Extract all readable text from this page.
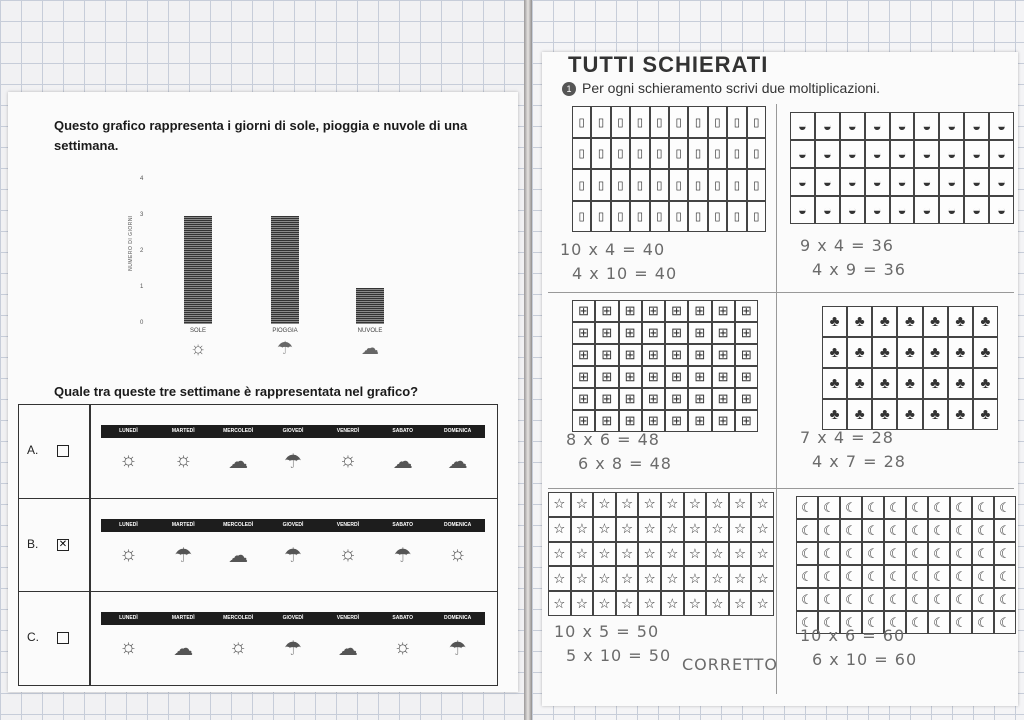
Questo grafico rappresenta i giorni di sole, pioggia e nuvole di una
settimana.
NUMERO DI GIORNI
0
1
2
3
4
SOLE
☼
PIOGGIA
☂
NUVOLE
☁
Quale tra queste tre settimane è rappresentata nel grafico?
A.
LUNEDÌ	MARTEDÌ	MERCOLEDÌ	GIOVEDÌ	VENERDÌ	SABATO	DOMENICA
☼	☼	☁	☂	☼	☁	☁
B. ✕
LUNEDÌ	MARTEDÌ	MERCOLEDÌ	GIOVEDÌ	VENERDÌ	SABATO	DOMENICA
☼	☂	☁	☂	☼	☂	☼
C.
LUNEDÌ	MARTEDÌ	MERCOLEDÌ	GIOVEDÌ	VENERDÌ	SABATO	DOMENICA
☼	☁	☼	☂	☁	☼	☂
TUTTI SCHIERATI
1 Per ogni schieramento scrivi due moltiplicazioni.
▯	▯	▯	▯	▯	▯	▯	▯	▯	▯
▯	▯	▯	▯	▯	▯	▯	▯	▯	▯
▯	▯	▯	▯	▯	▯	▯	▯	▯	▯
▯	▯	▯	▯	▯	▯	▯	▯	▯	▯
10 x 4 = 40
4 x 10 = 40
◒	◒	◒	◒	◒	◒	◒	◒	◒
◒	◒	◒	◒	◒	◒	◒	◒	◒
◒	◒	◒	◒	◒	◒	◒	◒	◒
◒	◒	◒	◒	◒	◒	◒	◒	◒
9 x 4 = 36
4 x 9 = 36
⊞ ⊞ ⊞ ⊞ ⊞ ⊞ ⊞ ⊞
⊞ ⊞ ⊞ ⊞ ⊞ ⊞ ⊞ ⊞
⊞ ⊞ ⊞ ⊞ ⊞ ⊞ ⊞ ⊞
⊞ ⊞ ⊞ ⊞ ⊞ ⊞ ⊞ ⊞
⊞ ⊞ ⊞ ⊞ ⊞ ⊞ ⊞ ⊞
⊞ ⊞ ⊞ ⊞ ⊞ ⊞ ⊞ ⊞
8 x 6 = 48
6 x 8 = 48
♣	♣	♣	♣	♣	♣	♣
♣	♣	♣	♣	♣	♣	♣
♣	♣	♣	♣	♣	♣	♣
♣	♣	♣	♣	♣	♣	♣
7 x 4 = 28
4 x 7 = 28
☆ ☆ ☆ ☆ ☆ ☆ ☆ ☆ ☆ ☆
☆ ☆ ☆ ☆ ☆ ☆ ☆ ☆ ☆ ☆
☆ ☆ ☆ ☆ ☆ ☆ ☆ ☆ ☆ ☆
☆ ☆ ☆ ☆ ☆ ☆ ☆ ☆ ☆ ☆
☆ ☆ ☆ ☆ ☆ ☆ ☆ ☆ ☆ ☆
10 x 5 = 50
5 x 10 = 50
☾ ☾ ☾ ☾ ☾ ☾ ☾ ☾ ☾ ☾
☾ ☾ ☾ ☾ ☾ ☾ ☾ ☾ ☾ ☾
☾ ☾ ☾ ☾ ☾ ☾ ☾ ☾ ☾ ☾
☾ ☾ ☾ ☾ ☾ ☾ ☾ ☾ ☾ ☾
☾ ☾ ☾ ☾ ☾ ☾ ☾ ☾ ☾ ☾
☾ ☾ ☾ ☾ ☾ ☾ ☾ ☾ ☾ ☾
10 x 6 = 60
6 x 10 = 60
CORRETTO
